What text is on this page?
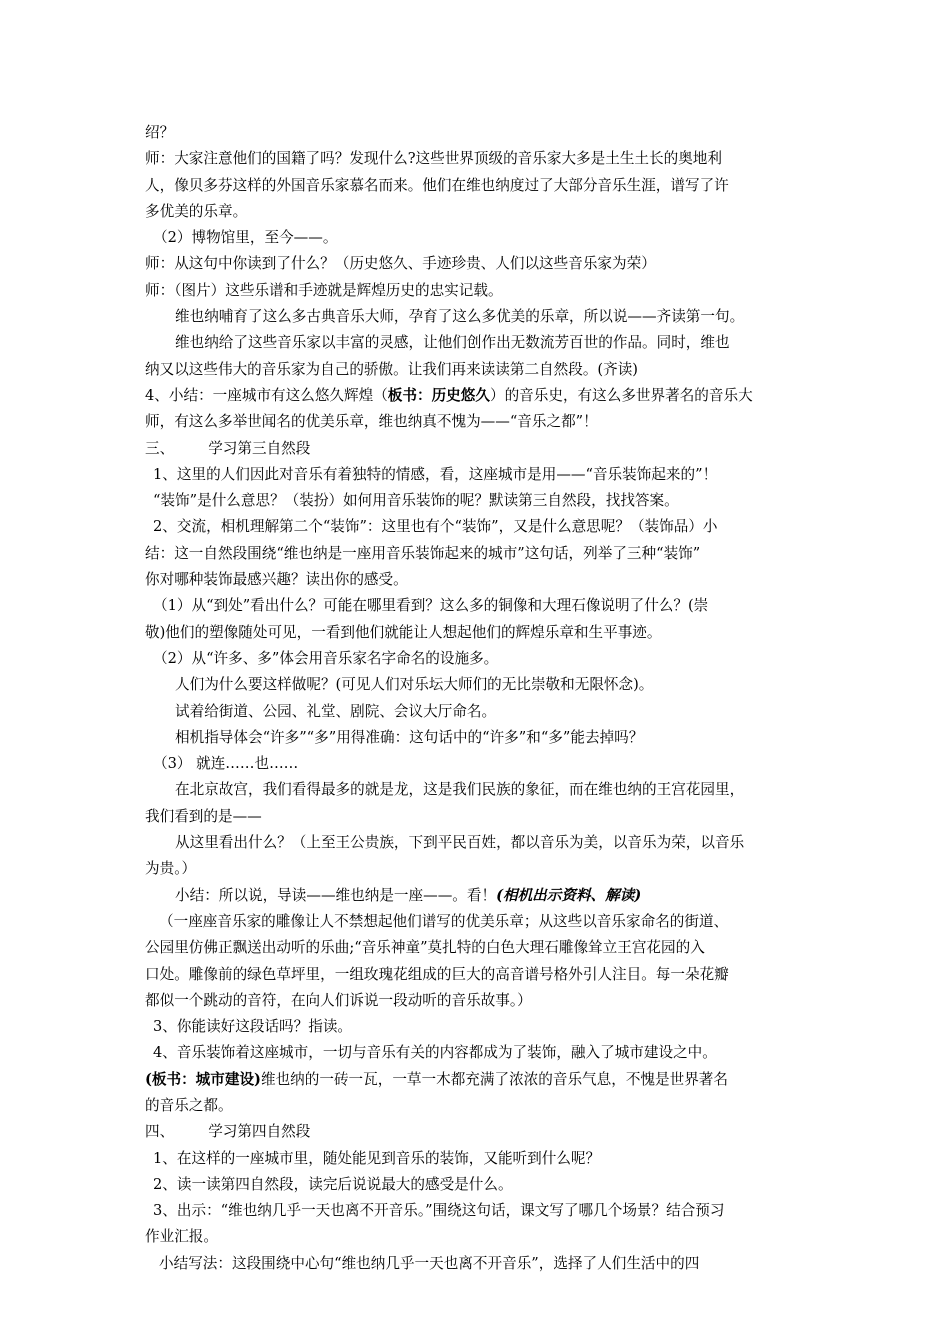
绍？
师：大家注意他们的国籍了吗？发现什么?这些世界顶级的音乐家大多是土生土长的奥地利
人，像贝多芬这样的外国音乐家慕名而来。他们在维也纳度过了大部分音乐生涯，谱写了许
多优美的乐章。
（2）博物馆里，至今——。
师：从这句中你读到了什么？（历史悠久、手迹珍贵、人们以这些音乐家为荣）
师：（图片）这些乐谱和手迹就是辉煌历史的忠实记载。
维也纳哺育了这么多古典音乐大师，孕育了这么多优美的乐章，所以说——齐读第一句。
维也纳给了这些音乐家以丰富的灵感，让他们创作出无数流芳百世的作品。同时，维也
纳又以这些伟大的音乐家为自己的骄傲。让我们再来读读第二自然段。(齐读)
4、小结：一座城市有这么悠久辉煌（板书：历史悠久）的音乐史，有这么多世界著名的音乐大
师，有这么多举世闻名的优美乐章，维也纳真不愧为——“音乐之都”！
三、 学习第三自然段
1、这里的人们因此对音乐有着独特的情感，看，这座城市是用——“音乐装饰起来的”！
“装饰”是什么意思？（装扮）如何用音乐装饰的呢？默读第三自然段，找找答案。
2、交流，相机理解第二个“装饰”：这里也有个“装饰”，又是什么意思呢？（装饰品）小
结：这一自然段围绕“维也纳是一座用音乐装饰起来的城市”这句话，列举了三种“装饰”
你对哪种装饰最感兴趣？读出你的感受。
（1）从“到处”看出什么？可能在哪里看到？这么多的铜像和大理石像说明了什么？(崇
敬)他们的塑像随处可见，一看到他们就能让人想起他们的辉煌乐章和生平事迹。
（2）从“许多、多”体会用音乐家名字命名的设施多。
人们为什么要这样做呢？(可见人们对乐坛大师们的无比崇敬和无限怀念)。
试着给街道、公园、礼堂、剧院、会议大厅命名。
相机指导体会“许多”“多”用得准确：这句话中的“许多”和“多”能去掉吗？
（3） 就连……也……
在北京故宫，我们看得最多的就是龙，这是我们民族的象征，而在维也纳的王宫花园里，
我们看到的是——
从这里看出什么？（上至王公贵族，下到平民百姓，都以音乐为美，以音乐为荣，以音乐
为贵。）
小结：所以说，导读——维也纳是一座——。看！(相机出示资料、解读)
（一座座音乐家的雕像让人不禁想起他们谱写的优美乐章；从这些以音乐家命名的街道、
公园里仿佛正飘送出动听的乐曲;“音乐神童”莫扎特的白色大理石雕像耸立王宫花园的入
口处。雕像前的绿色草坪里，一组玫瑰花组成的巨大的高音谱号格外引人注目。每一朵花瓣
都似一个跳动的音符，在向人们诉说一段动听的音乐故事。）
3、你能读好这段话吗？指读。
4、音乐装饰着这座城市，一切与音乐有关的内容都成为了装饰，融入了城市建设之中。
(板书：城市建设)维也纳的一砖一瓦，一草一木都充满了浓浓的音乐气息，不愧是世界著名
的音乐之都。
四、 学习第四自然段
1、在这样的一座城市里，随处能见到音乐的装饰，又能听到什么呢？
2、读一读第四自然段，读完后说说最大的感受是什么。
3、出示：“维也纳几乎一天也离不开音乐。”围绕这句话，课文写了哪几个场景？结合预习
作业汇报。
小结写法：这段围绕中心句“维也纳几乎一天也离不开音乐”，选择了人们生活中的四
